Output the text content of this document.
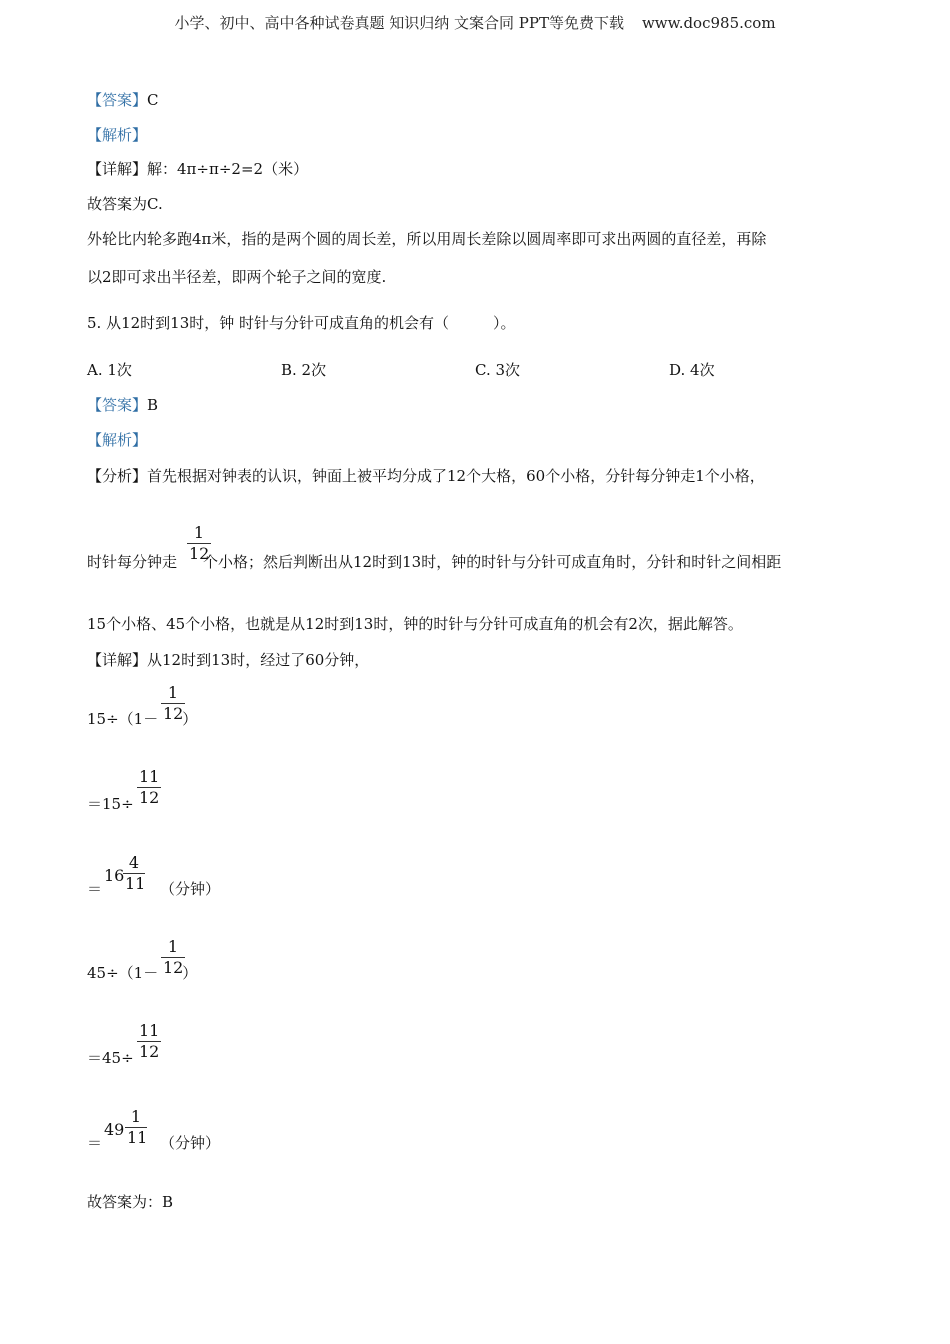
小学、初中、高中各种试卷真题 知识归纳 文案合同 PPT等免费下载 www.doc985.com
【答案】C
【解析】
【详解】解：4π÷π÷2=2（米）
故答案为C.
外轮比内轮多跑4π米，指的是两个圆的周长差，所以用周长差除以圆周率即可求出两圆的直径差，再除
以2即可求出半径差，即两个轮子之间的宽度.
5. 从12时到13时，钟 时针与分针可成直角的机会有（	）。
A. 1次	B. 2次	C. 3次	D. 4次
【答案】B
【解析】
【分析】首先根据对钟表的认识，钟面上被平均分成了12个大格，60个小格，分针每分钟走1个小格，
时针每分钟走 个小格；然后判断出从12时到13时，钟的时针与分针可成直角时，分针和时针之间相距
1
12
15个小格、45个小格，也就是从12时到13时，钟的时针与分针可成直角的机会有2次，据此解答。
【详解】从12时到13时，经过了60分钟，
15÷（1－ ）
1
12
＝15÷
11
12
＝	（分钟）
16
4
11
45÷（1－ ）
1
12
＝45÷
11
12
＝	（分钟）
49
1
11
故答案为：B
